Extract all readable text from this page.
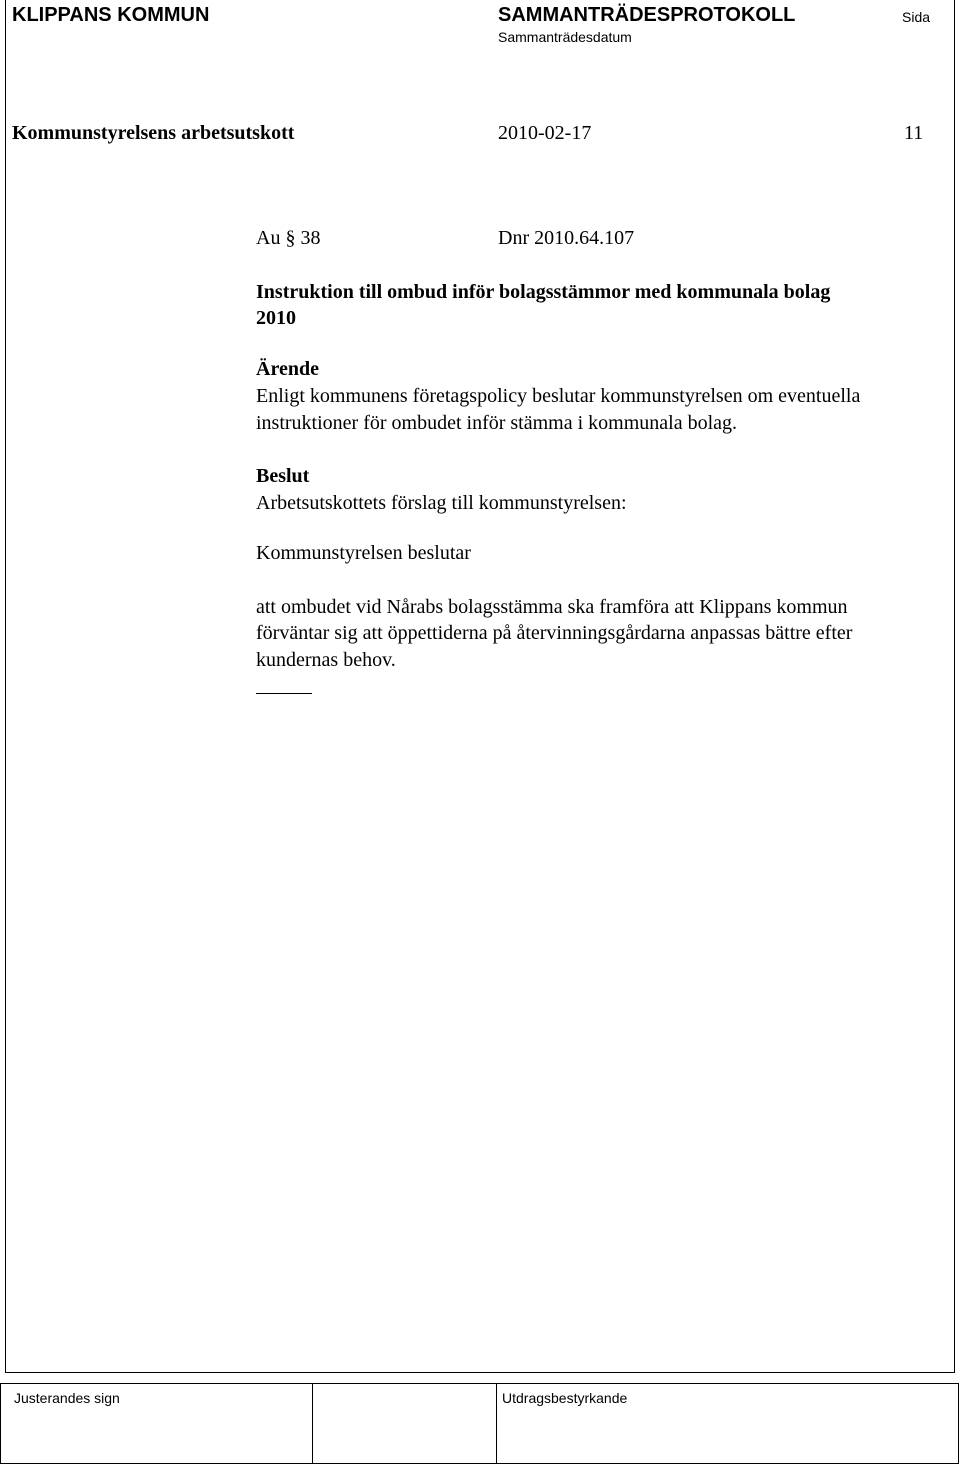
KLIPPANS KOMMUN	SAMMANTRÄDESPROTOKOLL	Sida
Sammanträdesdatum
Kommunstyrelsens arbetsutskott	2010-02-17	11
Au § 38	Dnr 2010.64.107
Instruktion till ombud inför bolagsstämmor med kommunala bolag
2010
Ärende
Enligt kommunens företagspolicy beslutar kommunstyrelsen om eventuella
instruktioner för ombudet inför stämma i kommunala bolag.
Beslut
Arbetsutskottets förslag till kommunstyrelsen:
Kommunstyrelsen beslutar
att ombudet vid Nårabs bolagsstämma ska framföra att Klippans kommun
förväntar sig att öppettiderna på återvinningsgårdarna anpassas bättre efter
kundernas behov.
Justerandes sign	Utdragsbestyrkande
